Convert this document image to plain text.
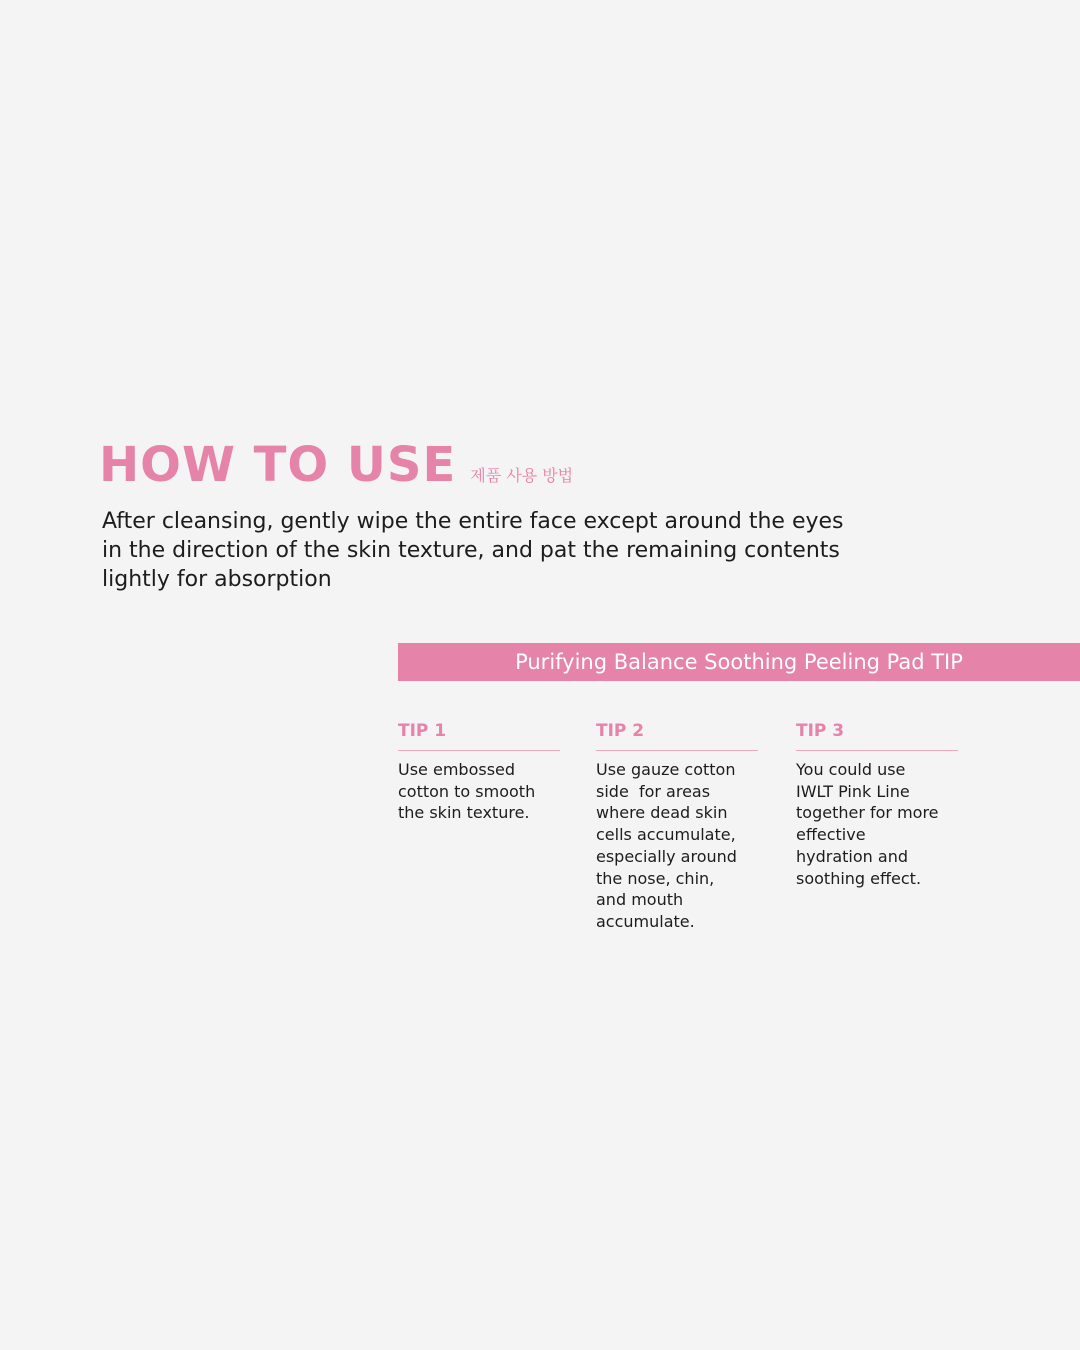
HOW TO USE 제품 사용 방법

After cleansing, gently wipe the entire face except around the eyes
in the direction of the skin texture, and pat the remaining contents
lightly for absorption

Purifying Balance Soothing Peeling Pad TIP
TIP 1
Use embossed
cotton to smooth
the skin texture.
TIP 2
Use gauze cotton
side  for areas
where dead skin
cells accumulate,
especially around
the nose, chin,
and mouth
accumulate.
TIP 3
You could use
IWLT Pink Line
together for more
effective
hydration and
soothing effect.
